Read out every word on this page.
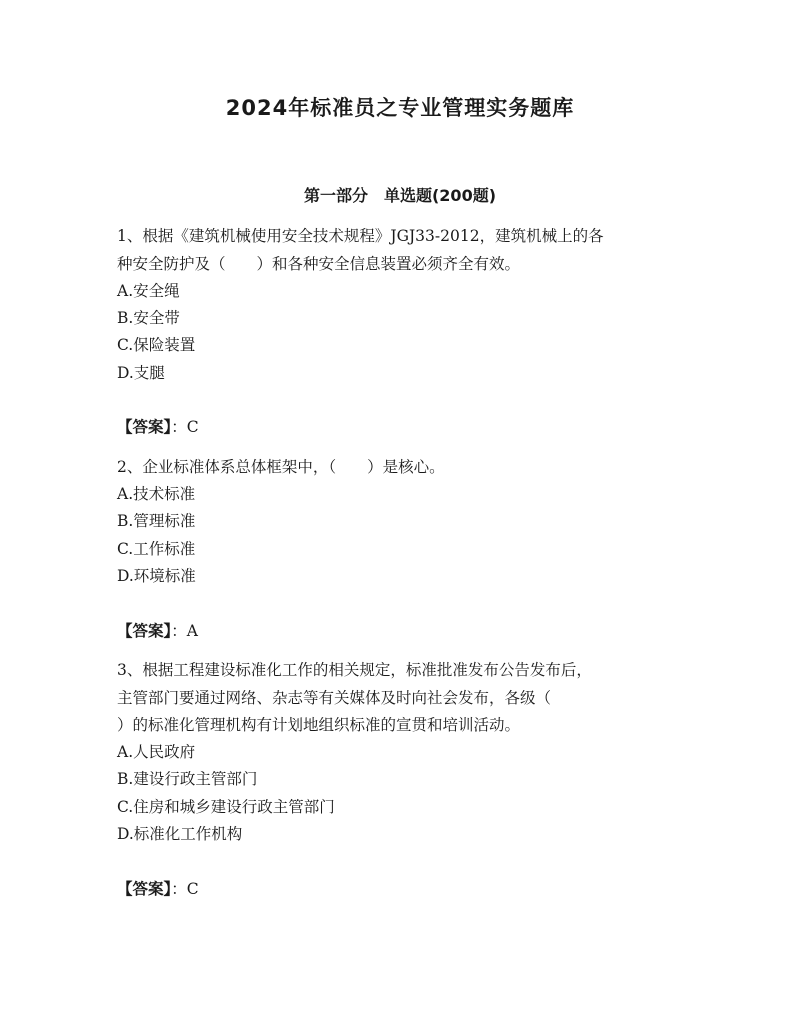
2024年标准员之专业管理实务题库
第一部分　单选题(200题)
1、根据《建筑机械使用安全技术规程》JGJ33-2012，建筑机械上的各
种安全防护及（　　）和各种安全信息装置必须齐全有效。
A.安全绳
B.安全带
C.保险装置
D.支腿
【答案】：C
2、企业标准体系总体框架中，（　　）是核心。
A.技术标准
B.管理标准
C.工作标准
D.环境标准
【答案】：A
3、根据工程建设标准化工作的相关规定，标准批准发布公告发布后，
主管部门要通过网络、杂志等有关媒体及时向社会发布，各级（
）的标准化管理机构有计划地组织标准的宣贯和培训活动。
A.人民政府
B.建设行政主管部门
C.住房和城乡建设行政主管部门
D.标准化工作机构
【答案】：C
